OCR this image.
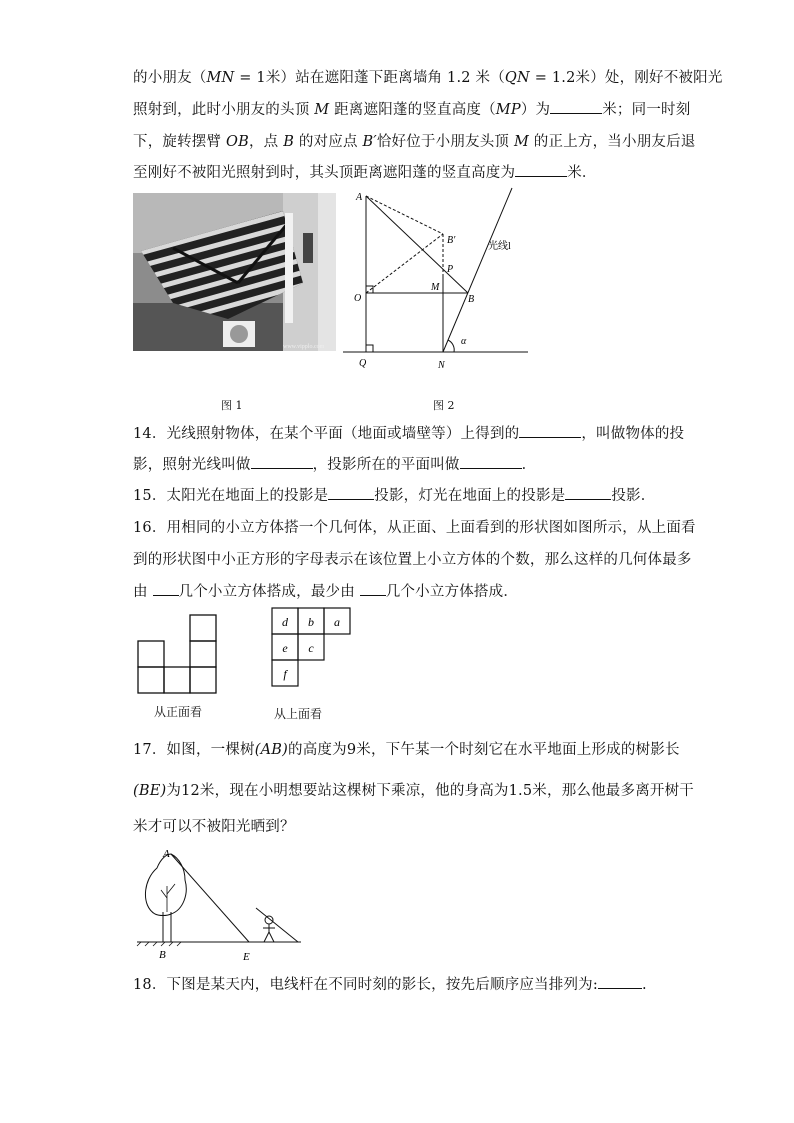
的小朋友（MN = 1米）站在遮阳蓬下距离墙角 1.2 米（QN = 1.2米）处，刚好不被阳光
照射到，此时小朋友的头顶 M 距离遮阳蓬的竖直高度（MP）为	米；同一时刻
下，旋转摆臂 OB，点 B 的对应点 B′恰好位于小朋友头顶 M 的正上方，当小朋友后退
至刚好不被阳光照射到时，其头顶距离遮阳蓬的竖直高度为	米．
www.vipplo.com
图 1
A
B′
P
O
M
B
Q	N
α
光线l
图 2
14．光线照射物体，在某个平面（地面或墙壁等）上得到的	，叫做物体的投
影，照射光线叫做	，投影所在的平面叫做	．
15．太阳光在地面上的投影是	投影，灯光在地面上的投影是	投影．
16．用相同的小立方体搭一个几何体，从正面、上面看到的形状图如图所示，从上面看
到的形状图中小正方形的字母表示在该位置上小立方体的个数，那么这样的几何体最多
由 几个小立方体搭成，最少由 几个小立方体搭成．
从正面看
d b a
e c
f
从上面看
17．如图，一棵树(AB)的高度为9米，下午某一个时刻它在水平地面上形成的树影长
(BE)为12米，现在小明想要站这棵树下乘凉，他的身高为1.5米，那么他最多离开树干
米才可以不被阳光晒到？
A
B	E
18．下图是某天内，电线杆在不同时刻的影长，按先后顺序应当排列为:	.
